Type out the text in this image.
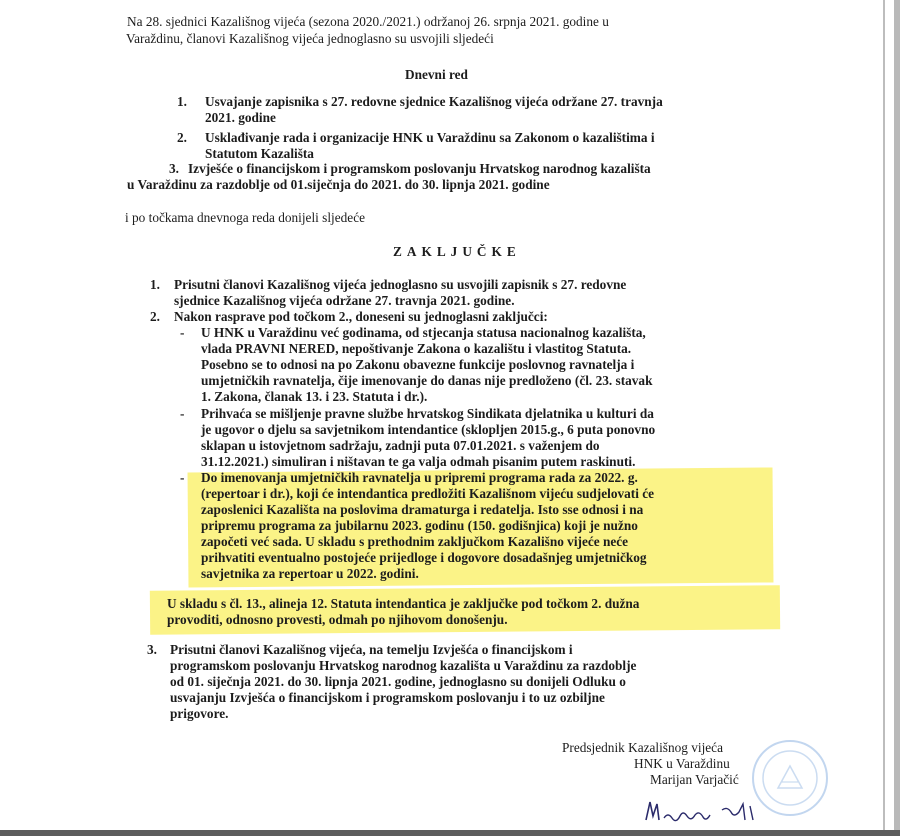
Na 28. sjednici Kazališnog vijeća (sezona 2020./2021.) održanoj 26. srpnja 2021. godine u
Varaždinu, članovi Kazališnog vijeća jednoglasno su usvojili sljedeći
Dnevni red
1. Usvajanje zapisnika s 27. redovne sjednice Kazališnog vijeća održane 27. travnja
2021. godine
2. Usklađivanje rada i organizacije HNK u Varaždinu sa Zakonom o kazalištima i
Statutom Kazališta
3. Izvješće o financijskom i programskom poslovanju Hrvatskog narodnog kazališta
u Varaždinu za razdoblje od 01.siječnja do 2021. do 30. lipnja 2021. godine
i po točkama dnevnoga reda donijeli sljedeće
ZAKLJUČKE
1. Prisutni članovi Kazališnog vijeća jednoglasno su usvojili zapisnik s 27. redovne
sjednice Kazališnog vijeća održane 27. travnja 2021. godine.
2. Nakon rasprave pod točkom 2., doneseni su jednoglasni zaključci:
- U HNK u Varaždinu već godinama, od stjecanja statusa nacionalnog kazališta,
vlada PRAVNI NERED, nepoštivanje Zakona o kazalištu i vlastitog Statuta.
Posebno se to odnosi na po Zakonu obavezne funkcije poslovnog ravnatelja i
umjetničkih ravnatelja, čije imenovanje do danas nije predloženo (čl. 23. stavak
1. Zakona, članak 13. i 23. Statuta i dr.).
- Prihvaća se mišljenje pravne službe hrvatskog Sindikata djelatnika u kulturi da
je ugovor o djelu sa savjetnikom intendantice (sklopljen 2015.g., 6 puta ponovno
sklapan u istovjetnom sadržaju, zadnji puta 07.01.2021. s važenjem do
31.12.2021.) simuliran i ništavan te ga valja odmah pisanim putem raskinuti.
- Do imenovanja umjetničkih ravnatelja u pripremi programa rada za 2022. g.
(repertoar i dr.), koji će intendantica predložiti Kazališnom vijeću sudjelovati će
zaposlenici Kazališta na poslovima dramaturga i redatelja. Isto sse odnosi i na
pripremu programa za jubilarnu 2023. godinu (150. godišnjica) koji je nužno
započeti već sada. U skladu s prethodnim zaključkom Kazališno vijeće neće
prihvatiti eventualno postojeće prijedloge i dogovore dosadašnjeg umjetničkog
savjetnika za repertoar u 2022. godini.
U skladu s čl. 13., alineja 12. Statuta intendantica je zaključke pod točkom 2. dužna
provoditi, odnosno provesti, odmah po njihovom donošenju.
3. Prisutni članovi Kazališnog vijeća, na temelju Izvješća o financijskom i
programskom poslovanju Hrvatskog narodnog kazališta u Varaždinu za razdoblje
od 01. siječnja 2021. do 30. lipnja 2021. godine, jednoglasno su donijeli Odluku o
usvajanju Izvješća o financijskom i programskom poslovanju i to uz ozbiljne
prigovore.
Predsjednik Kazališnog vijeća
HNK u Varaždinu
Marijan Varjačić
